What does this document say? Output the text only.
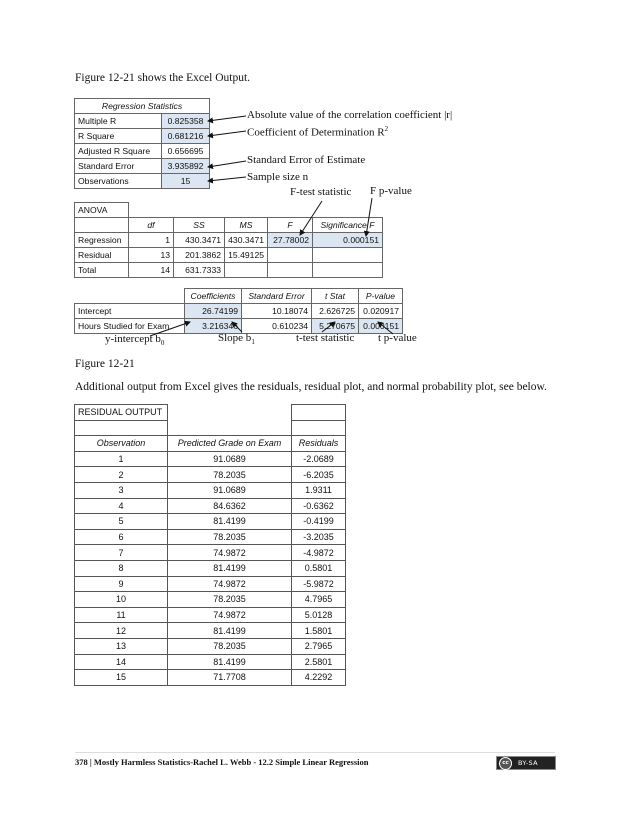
Figure 12-21 shows the Excel Output.
Regression Statistics	
Multiple R	0.825358
R Square	0.681216
Adjusted R Square	0.656695
Standard Error	3.935892
Observations	15
ANOVA					
	df	SS	MS	F	Significance F
Regression	1	430.3471	430.3471	27.78002	0.000151
Residual	13	201.3862	15.49125		
Total	14	631.7333			
	Coefficients	Standard Error	t Stat	P-value
Intercept	26.74199	10.18074	2.626725	0.020917
Hours Studied for Exam	3.216346	0.610234	5.270675	0.000151
Absolute value of the correlation coefficient |r|
Coefficient of Determination $R^2$
Standard Error of Estimate
Sample size n
F-test statistic F p-value
y-intercept $b_0$	Slope $b_1$	t-test statistic t p-value
Figure 12-21
Additional output from Excel gives the residuals, residual plot, and normal probability plot, see below.
RESIDUAL OUTPUT		

Observation	Predicted Grade on Exam	Residuals
1	91.0689	-2.0689
2	78.2035	-6.2035
3	91.0689	1.9311
4	84.6362	-0.6362
5	81.4199	-0.4199
6	78.2035	-3.2035
7	74.9872	-4.9872
8	81.4199	0.5801
9	74.9872	-5.9872
10	78.2035	4.7965
11	74.9872	5.0128
12	81.4199	1.5801
13	78.2035	2.7965
14	81.4199	2.5801
15	71.7708	4.2292
378 | Mostly Harmless Statistics-Rachel L. Webb - 12.2 Simple Linear Regression	cc	BY-SA
